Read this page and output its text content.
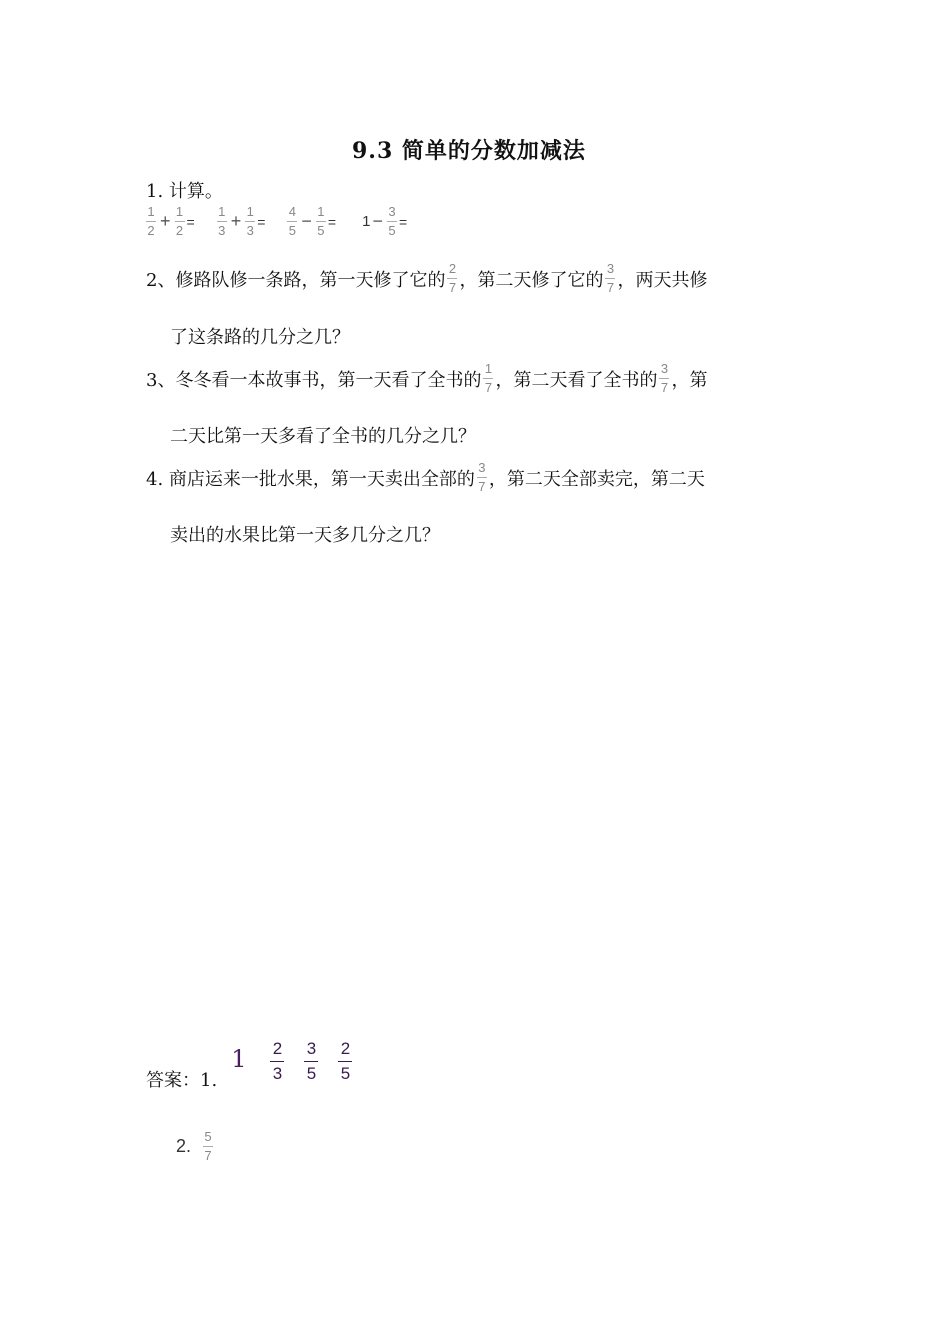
9.3 简单的分数加减法
1. 计算。
$\frac{1}{2} + \frac{1}{2} = \frac{1}{3} + \frac{1}{3} = \frac{4}{5} - \frac{1}{5} = 1 - \frac{3}{5}$ =
2、修路队修一条路，第一天修了它的 $\frac{2}{7}$ ，第二天修了它的 $\frac{3}{7}$ ，两天共修
了这条路的几分之几？
3、冬冬看一本故事书，第一天看了全书的 $\frac{1}{7}$ ，第二天看了全书的 $\frac{3}{7}$ ，第
二天比第一天多看了全书的几分之几？
4. 商店运来一批水果，第一天卖出全部的 $\frac{3}{7}$ ，第二天全部卖完，第二天
卖出的水果比第一天多几分之几？
答案：1.
1 2
3
3
5
2
5
2. $\frac{5}{7}$
